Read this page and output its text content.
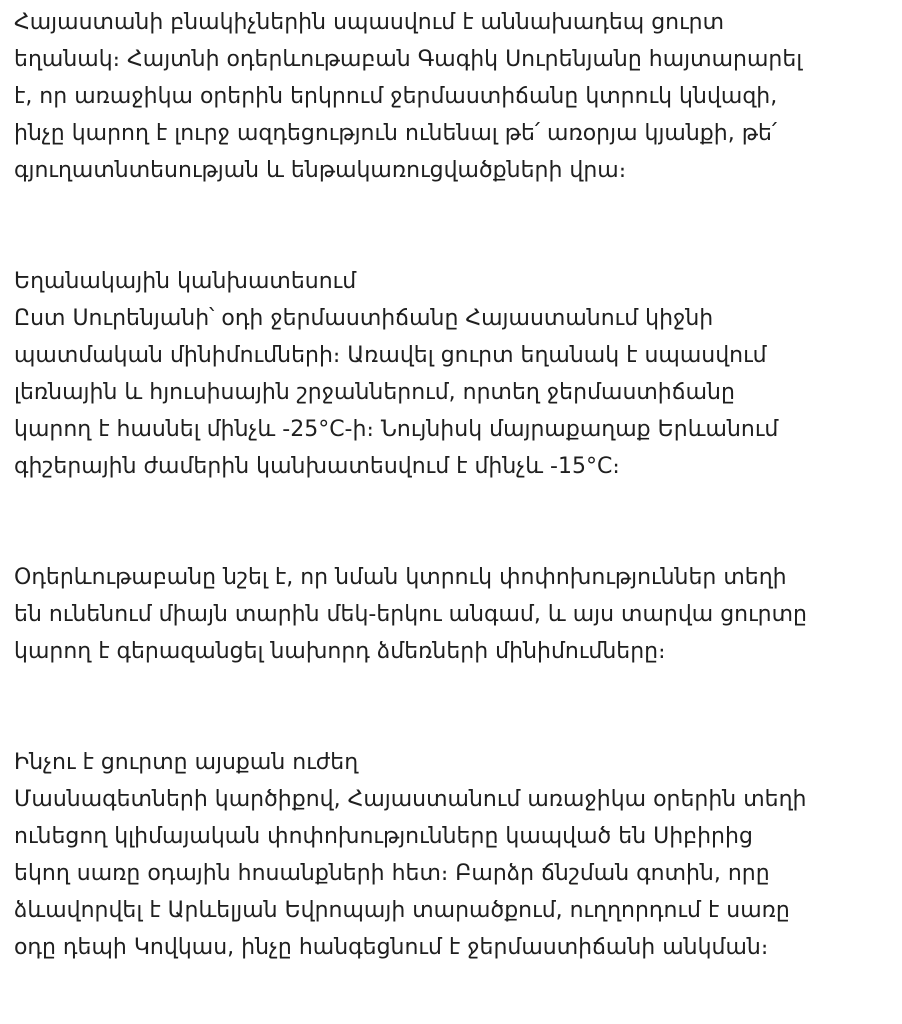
Հայաստանի բնակիչներին սպասվում է աննախադեպ ցուրտ
եղանակ։ Հայտնի օդերևութաբան Գագիկ Սուրենյանը հայտարարել
է, որ առաջիկա օրերին երկրում ջերմաստիճանը կտրուկ կնվազի,
ինչը կարող է լուրջ ազդեցություն ունենալ թե՛ առօրյա կյանքի, թե՛
գյուղատնտեսության և ենթակառուցվածքների վրա։

Եղանակային կանխատեսում
Ըստ Սուրենյանի՝ օդի ջերմաստիճանը Հայաստանում կիջնի
պատմական մինիմումների։ Առավել ցուրտ եղանակ է սպասվում
լեռնային և հյուսիսային շրջաններում, որտեղ ջերմաստիճանը
կարող է հասնել մինչև -25°C-ի։ Նույնիսկ մայրաքաղաք Երևանում
գիշերային ժամերին կանխատեսվում է մինչև -15°C։

Օդերևութաբանը նշել է, որ նման կտրուկ փոփոխություններ տեղի
են ունենում միայն տարին մեկ-երկու անգամ, և այս տարվա ցուրտը
կարող է գերազանցել նախորդ ձմեռների մինիմումները։

Ինչու է ցուրտը այսքան ուժեղ
Մասնագետների կարծիքով, Հայաստանում առաջիկա օրերին տեղի
ունեցող կլիմայական փոփոխությունները կապված են Սիբիրից
եկող սառը օդային հոսանքների հետ։ Բարձր ճնշման գոտին, որը
ձևավորվել է Արևելյան Եվրոպայի տարածքում, ուղղորդում է սառը
օդը դեպի Կովկաս, ինչը հանգեցնում է ջերմաստիճանի անկման։
